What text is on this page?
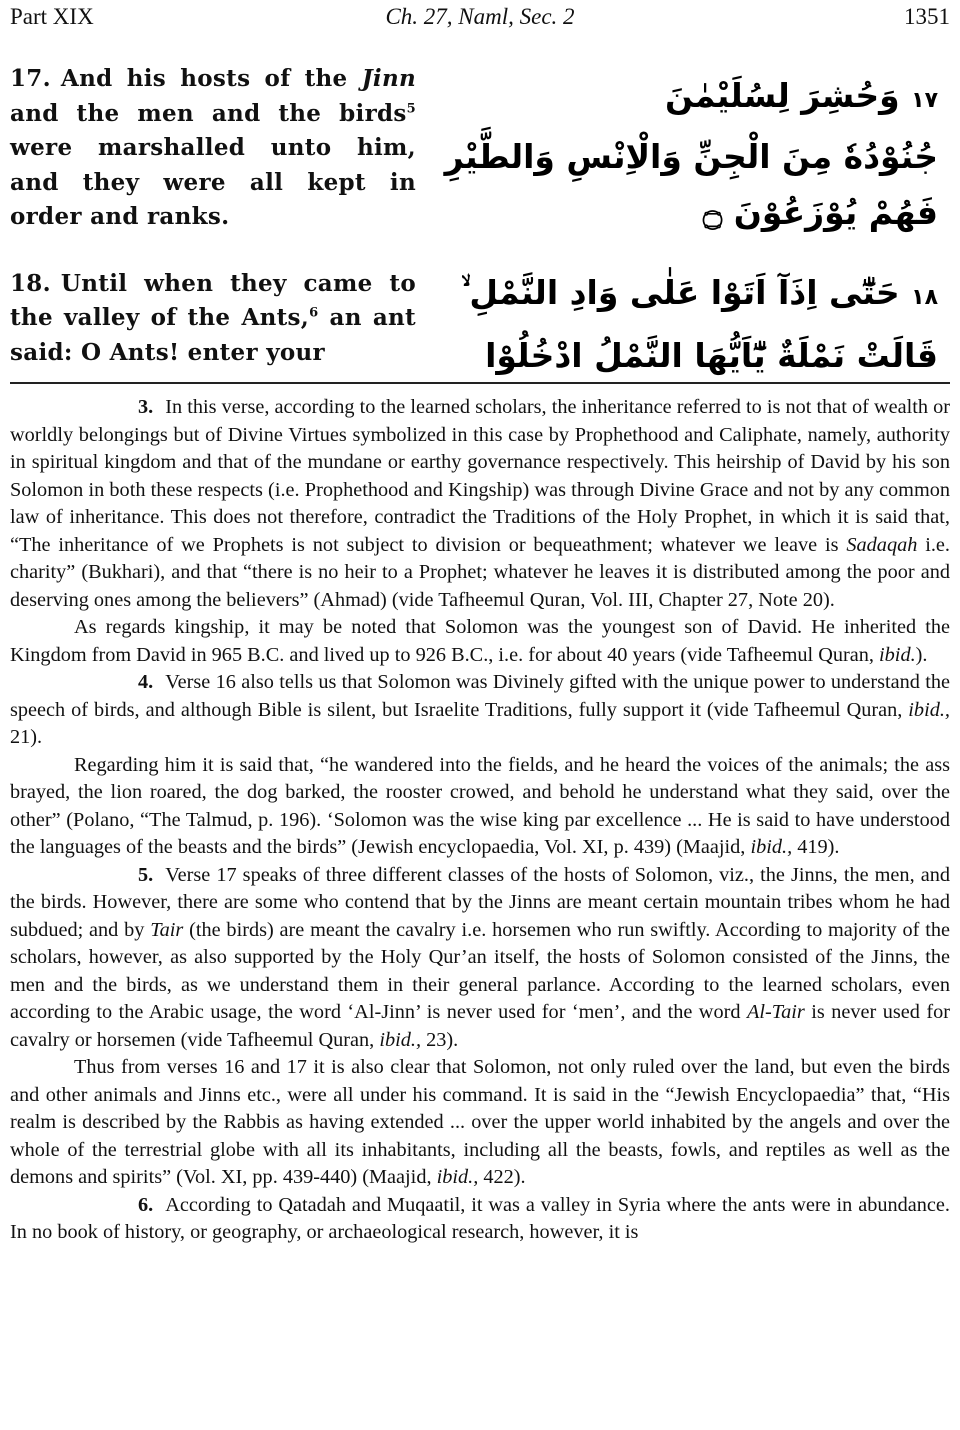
Part XIX	Ch. 27, Naml, Sec. 2	1351
17. And his hosts of the Jinn and the men and the birds$^5$ were marshalled unto him, and they were all kept in order and ranks.
18. Until when they came to the valley of the Ants,$^6$ an ant said: O Ants! enter your
١٧ وَحُشِرَ لِسُلَيْمٰنَ
جُنُوْدُهٗ مِنَ الْجِنِّ وَالْاِنْسِ وَالطَّيْرِ
فَهُمْ يُوْزَعُوْنَ ۝
١٨ حَتّٰٓى اِذَآ اَتَوْا عَلٰى وَادِ النَّمْلِ ۙ
قَالَتْ نَمْلَةٌ يّٰٓاَيُّهَا النَّمْلُ ادْخُلُوْا

3. In this verse, according to the learned scholars, the inheritance referred to is not that of wealth or worldly belongings but of Divine Virtues symbolized in this case by Prophethood and Caliphate, namely, authority in spiritual kingdom and that of the mundane or earthy governance respectively. This heirship of David by his son Solomon in both these respects (i.e. Prophethood and Kingship) was through Divine Grace and not by any common law of inheritance. This does not therefore, contradict the Traditions of the Holy Prophet, in which it is said that, “The inheritance of we Prophets is not subject to division or bequeathment; whatever we leave is Sadaqah i.e. charity” (Bukhari), and that “there is no heir to a Prophet; whatever he leaves it is distributed among the poor and deserving ones among the believers” (Ahmad) (vide Tafheemul Quran, Vol. III, Chapter 27, Note 20).

As regards kingship, it may be noted that Solomon was the youngest son of David. He inherited the Kingdom from David in 965 B.C. and lived up to 926 B.C., i.e. for about 40 years (vide Tafheemul Quran, ibid.).

4. Verse 16 also tells us that Solomon was Divinely gifted with the unique power to understand the speech of birds, and although Bible is silent, but Israelite Traditions, fully support it (vide Tafheemul Quran, ibid., 21).

Regarding him it is said that, “he wandered into the fields, and he heard the voices of the animals; the ass brayed, the lion roared, the dog barked, the rooster crowed, and behold he understand what they said, over the other” (Polano, “The Talmud, p. 196). ‘Solomon was the wise king par excellence ... He is said to have understood the languages of the beasts and the birds” (Jewish encyclopaedia, Vol. XI, p. 439) (Maajid, ibid., 419).

5. Verse 17 speaks of three different classes of the hosts of Solomon, viz., the Jinns, the men, and the birds. However, there are some who contend that by the Jinns are meant certain mountain tribes whom he had subdued; and by Tair (the birds) are meant the cavalry i.e. horsemen who run swiftly. According to majority of the scholars, however, as also supported by the Holy Qur’an itself, the hosts of Solomon consisted of the Jinns, the men and the birds, as we understand them in their general parlance. According to the learned scholars, even according to the Arabic usage, the word ‘Al-Jinn’ is never used for ‘men’, and the word Al-Tair is never used for cavalry or horsemen (vide Tafheemul Quran, ibid., 23).

Thus from verses 16 and 17 it is also clear that Solomon, not only ruled over the land, but even the birds and other animals and Jinns etc., were all under his command. It is said in the “Jewish Encyclopaedia” that, “His realm is described by the Rabbis as having extended ... over the upper world inhabited by the angels and over the whole of the terrestrial globe with all its inhabitants, including all the beasts, fowls, and reptiles as well as the demons and spirits” (Vol. XI, pp. 439-440) (Maajid, ibid., 422).

6. According to Qatadah and Muqaatil, it was a valley in Syria where the ants were in abundance. In no book of history, or geography, or archaeological research, however, it is
